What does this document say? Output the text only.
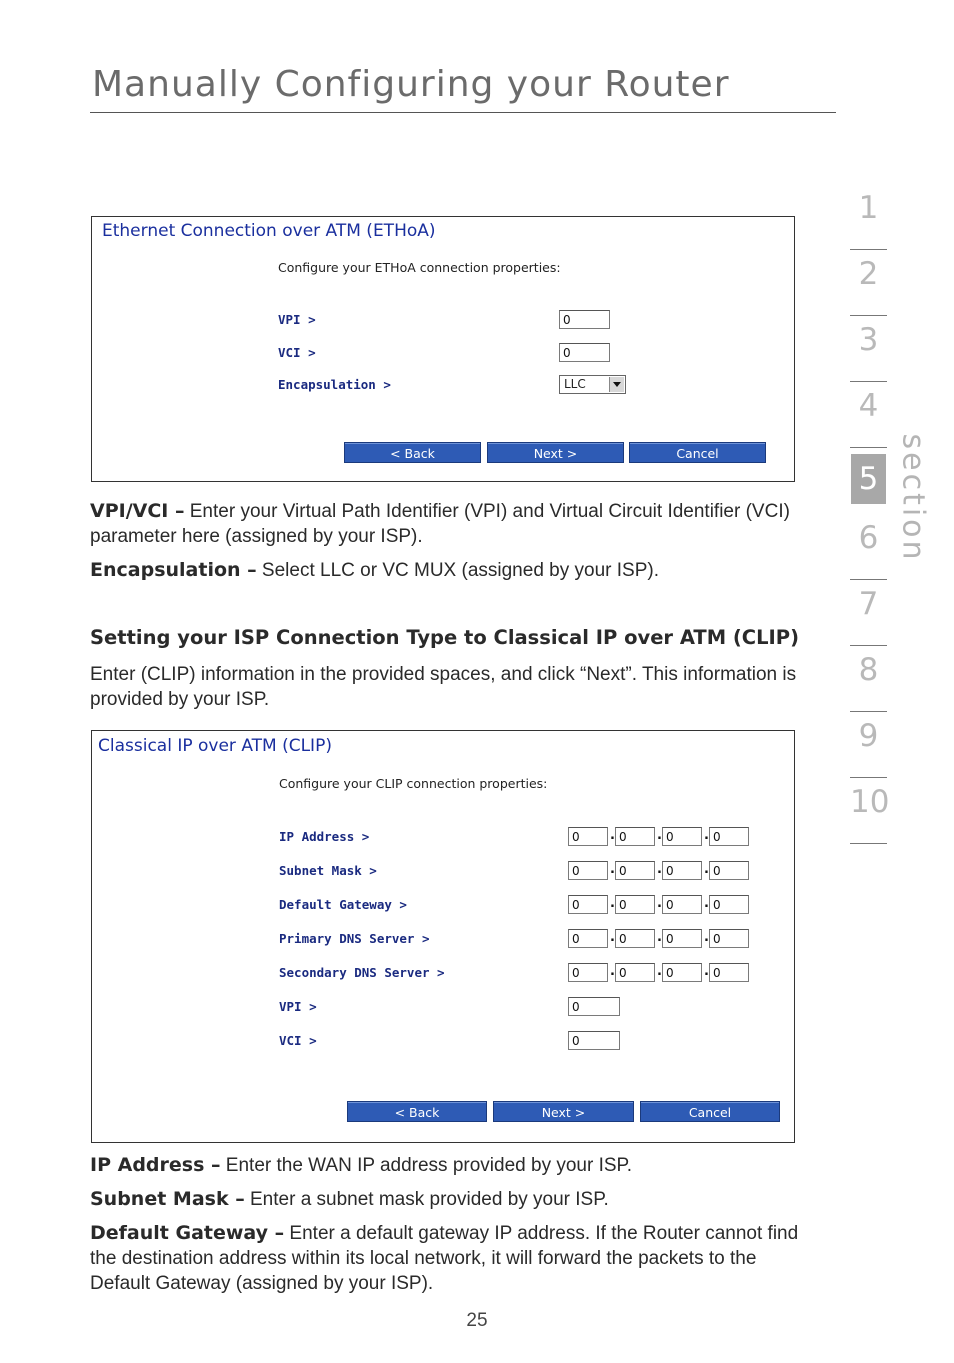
Manually Configuring your Router
1
2
3
4
5
6
7
8
9
10
section
Ethernet Connection over ATM (ETHoA)
Configure your ETHoA connection properties:
VPI >	0
VCI >	0
Encapsulation >	LLC
< Back	Next >	Cancel

VPI/VCI – Enter your Virtual Path Identifier (VPI) and Virtual Circuit Identifier (VCI) parameter here (assigned by your ISP).

Encapsulation – Select LLC or VC MUX (assigned by your ISP).

Setting your ISP Connection Type to Classical IP over ATM (CLIP)

Enter (CLIP) information in the provided spaces, and click “Next”. This information is provided by your ISP.

Classical IP over ATM (CLIP)
Configure your CLIP connection properties:
IP Address >	0	. 0	. 0	. 0
Subnet Mask >	0	. 0	. 0	. 0
Default Gateway >	0	. 0	. 0	. 0
Primary DNS Server >	0	. 0	. 0	. 0
Secondary DNS Server >	0	. 0	. 0	. 0
VPI >	0
VCI >	0
< Back	Next >	Cancel

IP Address – Enter the WAN IP address provided by your ISP.

Subnet Mask – Enter a subnet mask provided by your ISP.

Default Gateway – Enter a default gateway IP address. If the Router cannot find the destination address within its local network, it will forward the packets to the Default Gateway (assigned by your ISP).

25
